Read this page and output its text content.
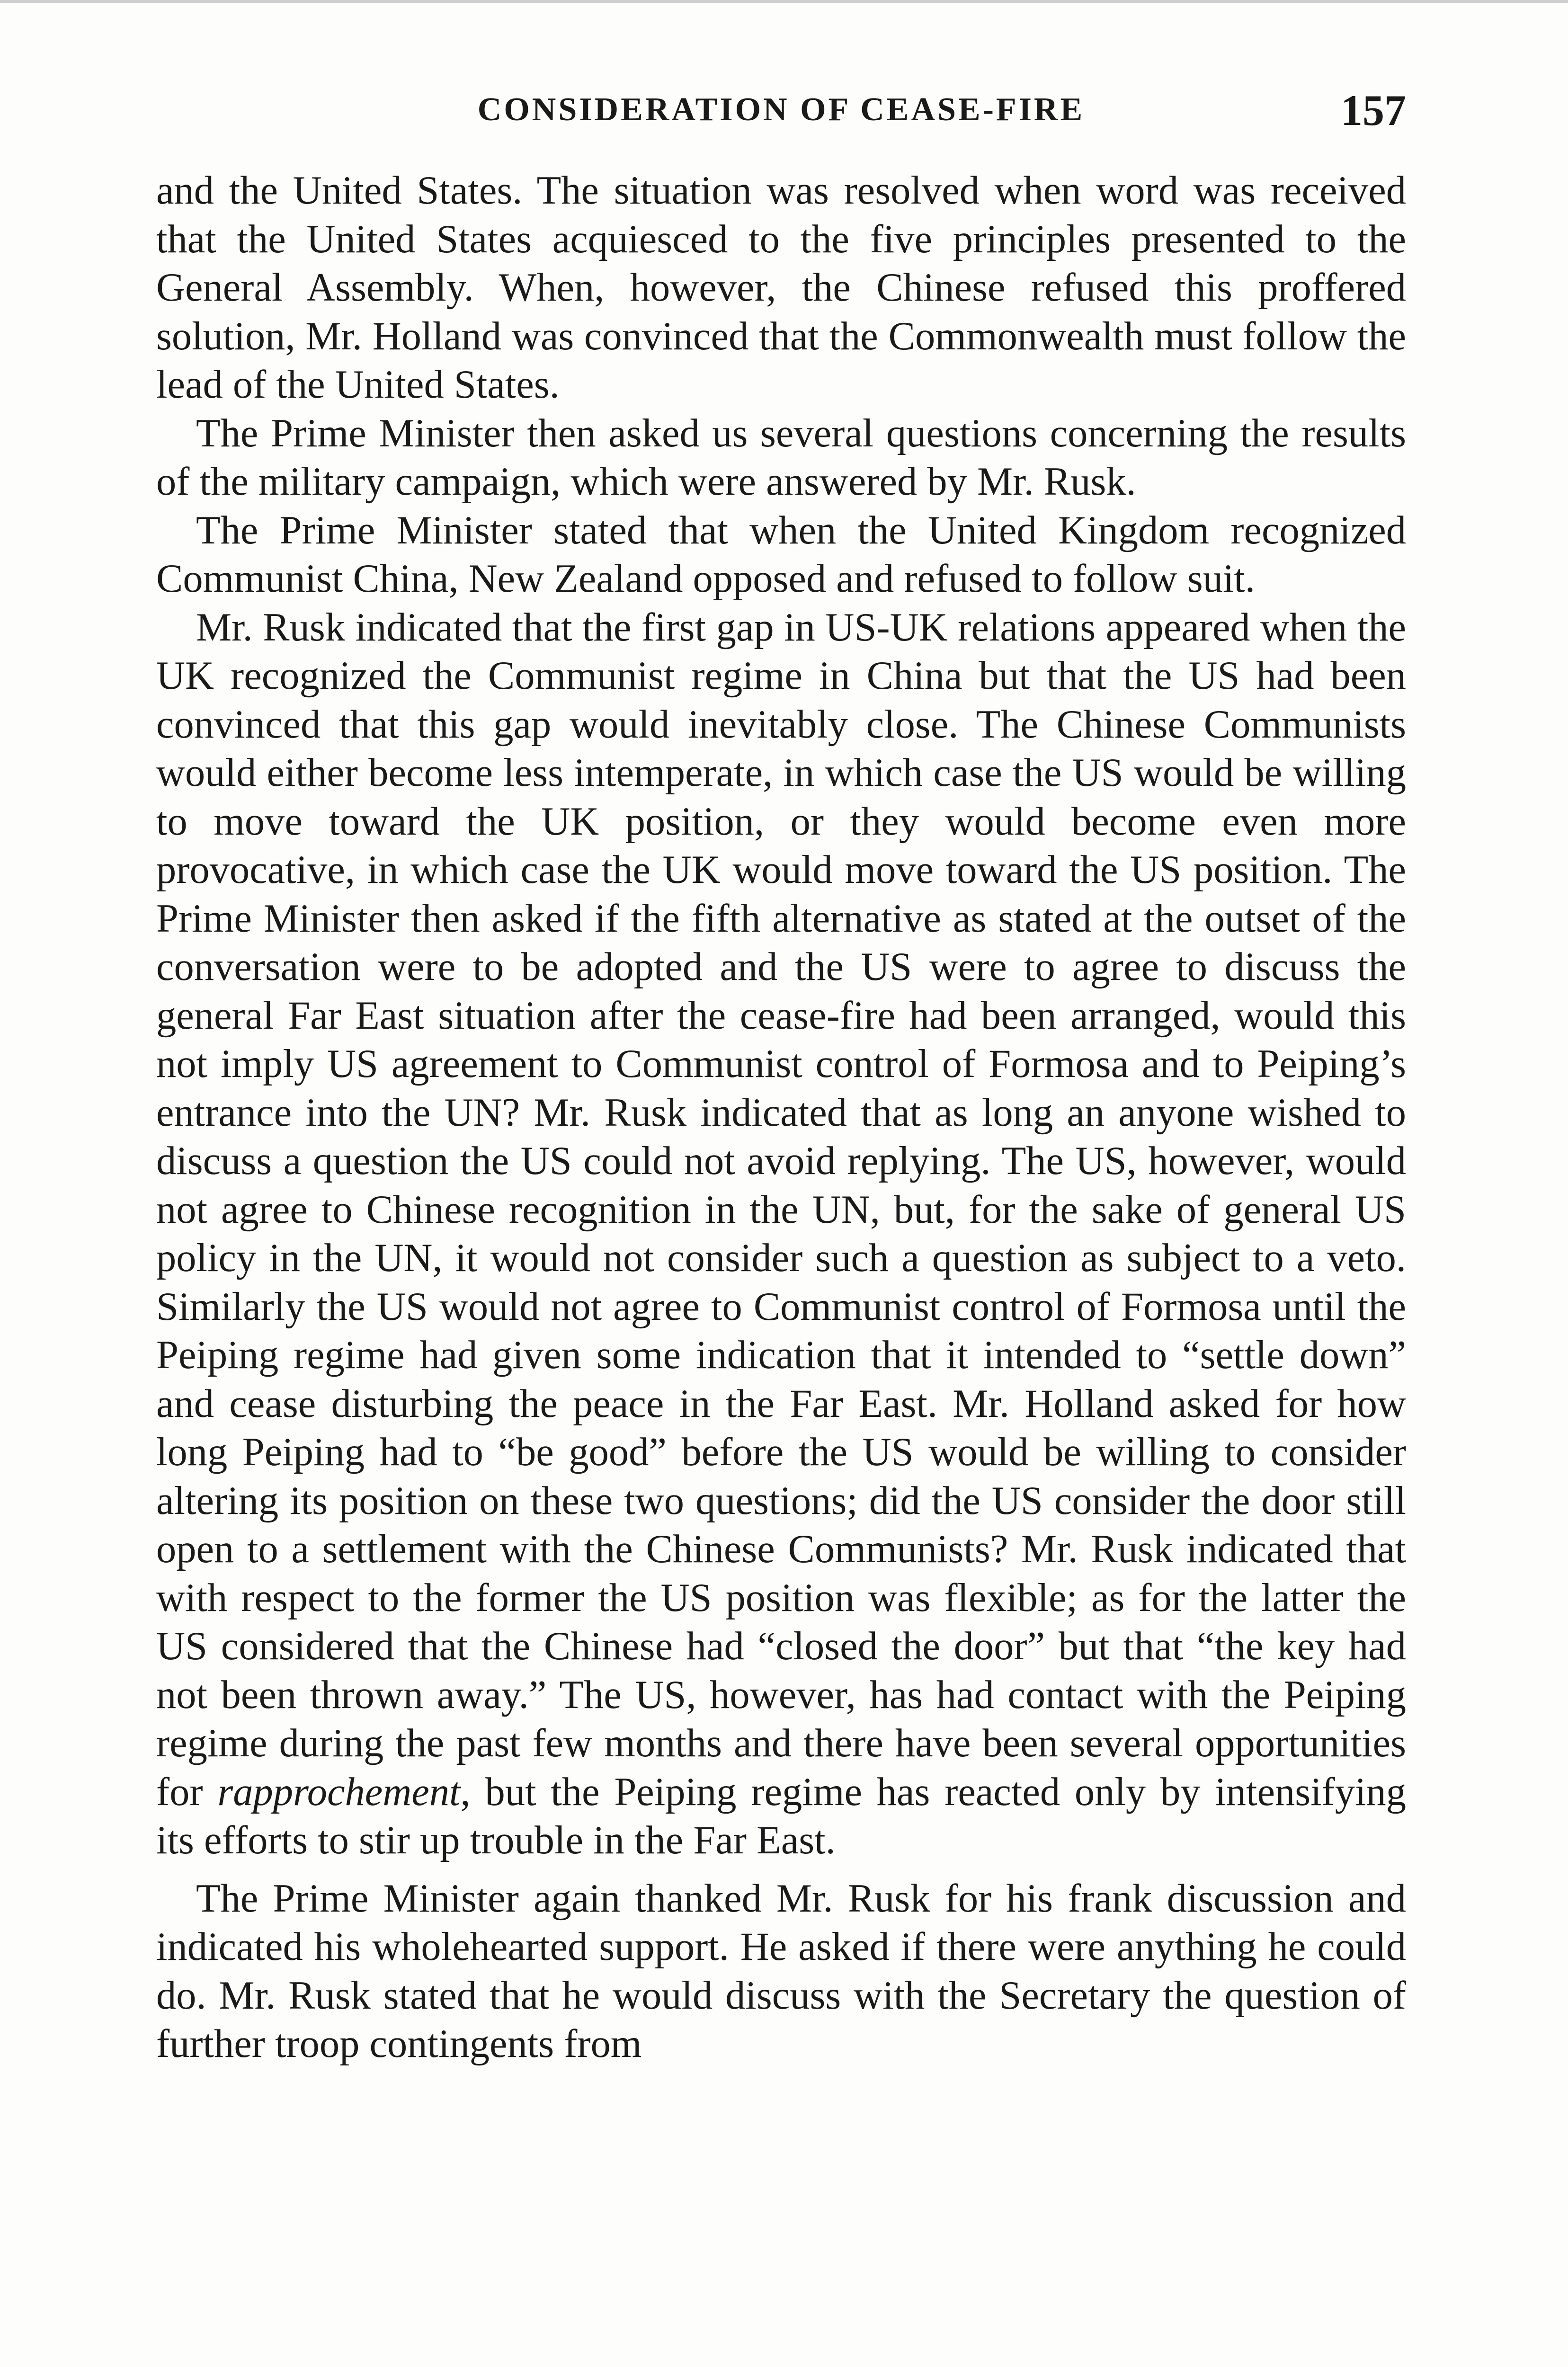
CONSIDERATION OF CEASE-FIRE	157

and the United States. The situation was resolved when word was received that the United States acquiesced to the five principles presented to the General Assembly. When, however, the Chinese refused this proffered solution, Mr. Holland was convinced that the Commonwealth must follow the lead of the United States.

The Prime Minister then asked us several questions concerning the results of the military campaign, which were answered by Mr. Rusk.

The Prime Minister stated that when the United Kingdom recognized Communist China, New Zealand opposed and refused to follow suit.

Mr. Rusk indicated that the first gap in US-UK relations appeared when the UK recognized the Communist regime in China but that the US had been convinced that this gap would inevitably close. The Chinese Communists would either become less intemperate, in which case the US would be willing to move toward the UK position, or they would become even more provocative, in which case the UK would move toward the US position. The Prime Minister then asked if the fifth alternative as stated at the outset of the conversation were to be adopted and the US were to agree to discuss the general Far East situation after the cease-fire had been arranged, would this not imply US agreement to Communist control of Formosa and to Peiping’s entrance into the UN? Mr. Rusk indicated that as long an anyone wished to discuss a question the US could not avoid replying. The US, however, would not agree to Chinese recognition in the UN, but, for the sake of general US policy in the UN, it would not consider such a question as subject to a veto. Similarly the US would not agree to Communist control of Formosa until the Peiping regime had given some indication that it intended to “settle down” and cease disturbing the peace in the Far East. Mr. Holland asked for how long Peiping had to “be good” before the US would be willing to consider altering its position on these two questions; did the US consider the door still open to a settlement with the Chinese Communists? Mr. Rusk indicated that with respect to the former the US position was flexible; as for the latter the US considered that the Chinese had “closed the door” but that “the key had not been thrown away.” The US, however, has had contact with the Peiping regime during the past few months and there have been several opportunities for rapprochement, but the Peiping regime has reacted only by intensifying its efforts to stir up trouble in the Far East.

The Prime Minister again thanked Mr. Rusk for his frank discussion and indicated his wholehearted support. He asked if there were anything he could do. Mr. Rusk stated that he would discuss with the Secretary the question of further troop contingents from
